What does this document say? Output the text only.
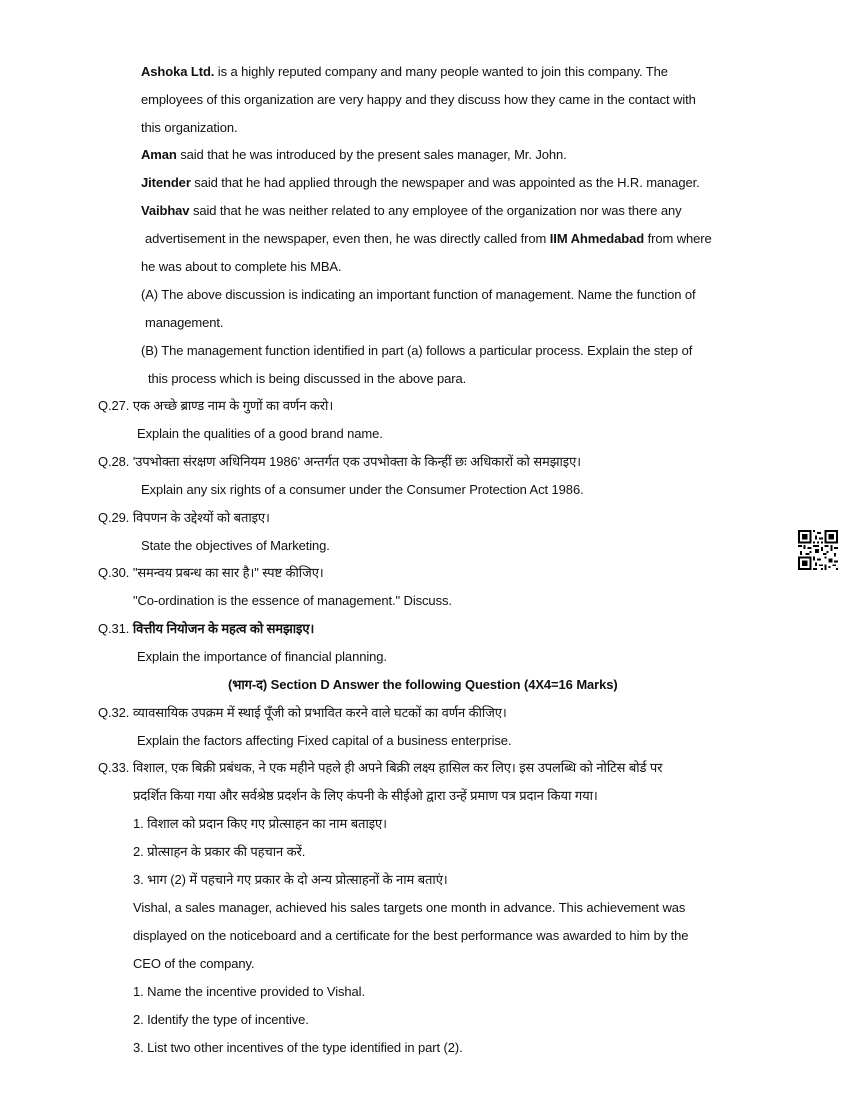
Ashoka Ltd. is a highly reputed company and many people wanted to join this company. The
employees of this organization are very happy and they discuss how they came in the contact with
this organization.
Aman said that he was introduced by the present sales manager, Mr. John.
Jitender said that he had applied through the newspaper and was appointed as the H.R. manager.
Vaibhav said that he was neither related to any employee of the organization nor was there any
advertisement in the newspaper, even then, he was directly called from IIM Ahmedabad from where
he was about to complete his MBA.
(A) The above discussion is indicating an important function of management. Name the function of
management.
(B) The management function identified in part (a) follows a particular process. Explain the step of
this process which is being discussed in the above para.
Q.27. एक अच्छे ब्राण्ड नाम के गुणों का वर्णन करो।
Explain the qualities of a good brand name.
Q.28. 'उपभोक्ता संरक्षण अधिनियम 1986' अन्तर्गत एक उपभोक्ता के किन्हीं छः अधिकारों को समझाइए।
Explain any six rights of a consumer under the Consumer Protection Act 1986.
Q.29. विपणन के उद्देश्यों को बताइए।
State the objectives of Marketing.
Q.30. "समन्वय प्रबन्ध का सार है।" स्पष्ट कीजिए।
"Co-ordination is the essence of management." Discuss.
Q.31. वित्तीय नियोजन के महत्व को समझाइए।
Explain the importance of financial planning.
(भाग-द) Section D Answer the following Question (4X4=16 Marks)
Q.32. व्यावसायिक उपक्रम में स्थाई पूँजी को प्रभावित करने वाले घटकों का वर्णन कीजिए।
Explain the factors affecting Fixed capital of a business enterprise.
Q.33. विशाल, एक बिक्री प्रबंधक, ने एक महीने पहले ही अपने बिक्री लक्ष्य हासिल कर लिए। इस उपलब्धि को नोटिस बोर्ड पर
प्रदर्शित किया गया और सर्वश्रेष्ठ प्रदर्शन के लिए कंपनी के सीईओ द्वारा उन्हें प्रमाण पत्र प्रदान किया गया।
1. विशाल को प्रदान किए गए प्रोत्साहन का नाम बताइए।
2. प्रोत्साहन के प्रकार की पहचान करें.
3. भाग (2) में पहचाने गए प्रकार के दो अन्य प्रोत्साहनों के नाम बताएं।
Vishal, a sales manager, achieved his sales targets one month in advance. This achievement was
displayed on the noticeboard and a certificate for the best performance was awarded to him by the
CEO of the company.
1. Name the incentive provided to Vishal.
2. Identify the type of incentive.
3. List two other incentives of the type identified in part (2).
